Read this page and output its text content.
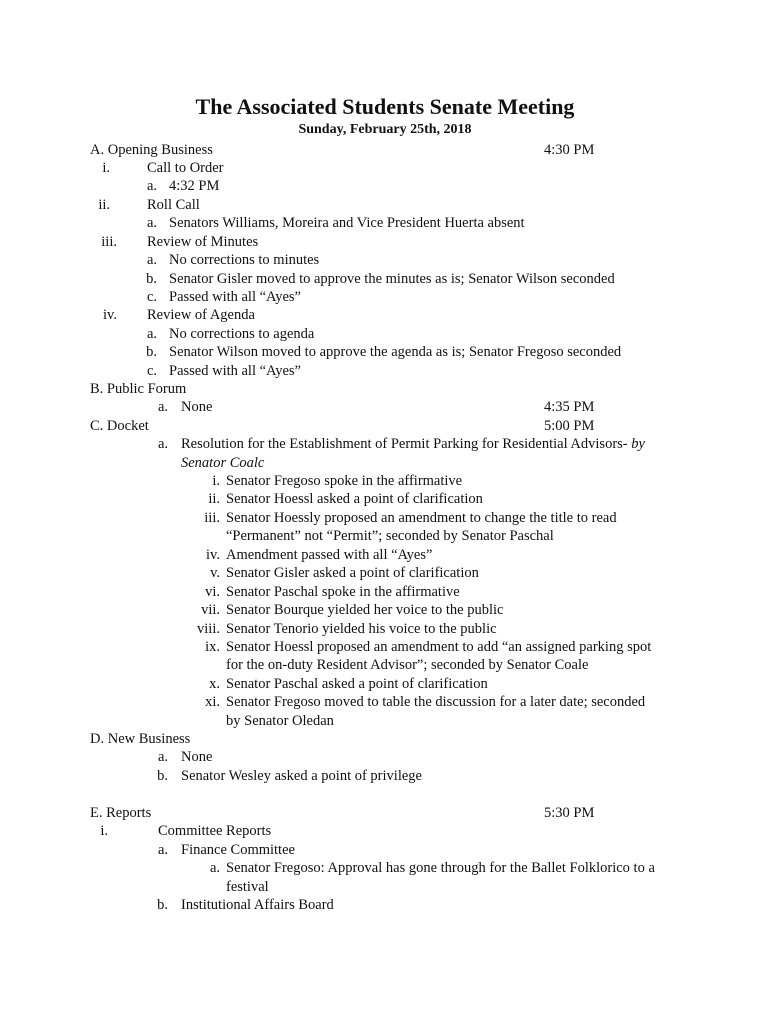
The Associated Students Senate Meeting
Sunday, February 25th, 2018
A. Opening Business	4:30 PM
i.	Call to Order
a. 4:32 PM
ii.	Roll Call
a. Senators Williams, Moreira and Vice President Huerta absent
iii. Review of Minutes
a. No corrections to minutes
b. Senator Gisler moved to approve the minutes as is; Senator Wilson seconded
c. Passed with all “Ayes”
iv. Review of Agenda
a. No corrections to agenda
b. Senator Wilson moved to approve the agenda as is; Senator Fregoso seconded
c. Passed with all “Ayes”
B. Public Forum
a. None	4:35 PM
C. Docket	5:00 PM
a. Resolution for the Establishment of Permit Parking for Residential Advisors- by
Senator Coalc
i. Senator Fregoso spoke in the affirmative
ii. Senator Hoessl asked a point of clarification
iii. Senator Hoessly proposed an amendment to change the title to read
“Permanent” not “Permit”; seconded by Senator Paschal
iv. Amendment passed with all “Ayes”
v. Senator Gisler asked a point of clarification
vi. Senator Paschal spoke in the affirmative
vii. Senator Bourque yielded her voice to the public
viii. Senator Tenorio yielded his voice to the public
ix. Senator Hoessl proposed an amendment to add “an assigned parking spot
for the on-duty Resident Advisor”; seconded by Senator Coale
x. Senator Paschal asked a point of clarification
xi. Senator Fregoso moved to table the discussion for a later date; seconded
by Senator Oledan
D. New Business
a. None
b. Senator Wesley asked a point of privilege
E. Reports	5:30 PM
i.	Committee Reports
a. Finance Committee
a. Senator Fregoso: Approval has gone through for the Ballet Folklorico to a
festival
b. Institutional Affairs Board
